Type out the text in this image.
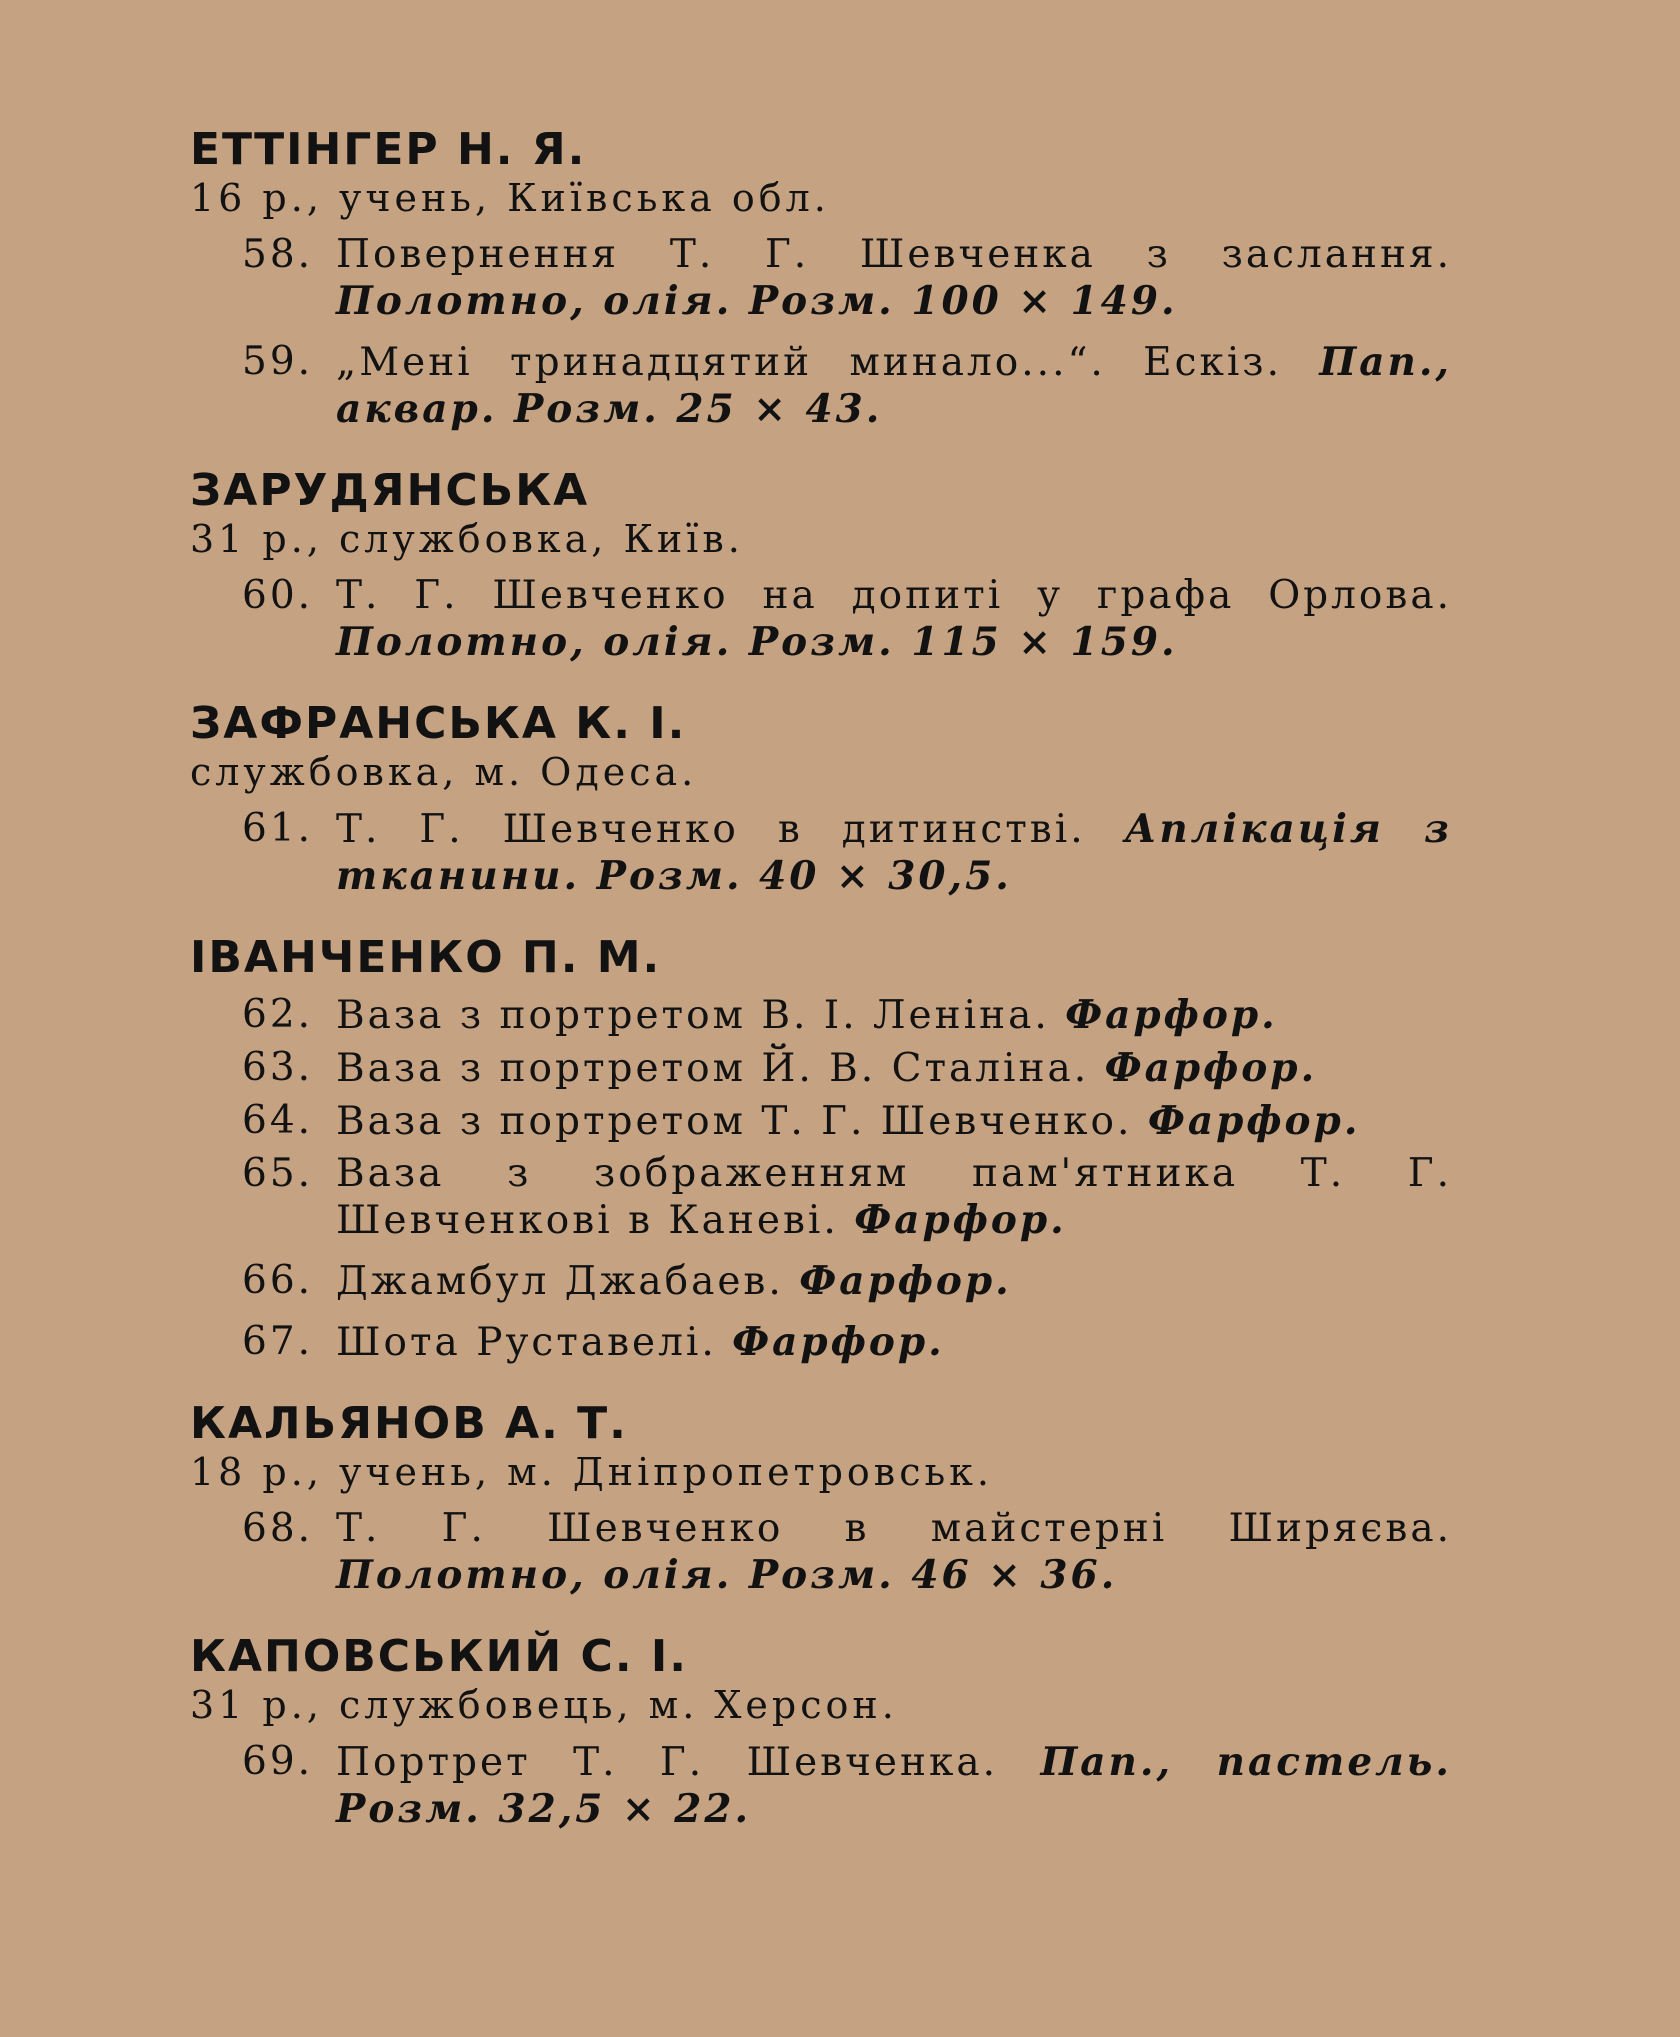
ЕТТІНГЕР Н. Я.
16 р., учень, Київська обл.
58. Повернення Т. Г. Шевченка з заслання. Полотно, олія. Розм. 100 × 149.
59. „Мені тринадцятий минало...“. Ескіз. Пап., аквар. Розм. 25 × 43.
ЗАРУДЯНСЬКА
31 р., службовка, Київ.
60. Т. Г. Шевченко на допиті у графа Орлова. Полотно, олія. Розм. 115 × 159.
ЗАФРАНСЬКА К. І.
службовка, м. Одеса.
61. Т. Г. Шевченко в дитинстві. Аплікація з тканини. Розм. 40 × 30,5.
ІВАНЧЕНКО П. М.
62. Ваза з портретом В. І. Леніна. Фарфор.
63. Ваза з портретом Й. В. Сталіна. Фарфор.
64. Ваза з портретом Т. Г. Шевченко. Фарфор.
65. Ваза з зображенням пам'ятника Т. Г. Шевченкові в Каневі. Фарфор.
66. Джамбул Джабаев. Фарфор.
67. Шота Руставелі. Фарфор.
КАЛЬЯНОВ А. Т.
18 р., учень, м. Дніпропетровськ.
68. Т. Г. Шевченко в майстерні Ширяєва. Полотно, олія. Розм. 46 × 36.
КАПОВСЬКИЙ С. І.
31 р., службовець, м. Херсон.
69. Портрет Т. Г. Шевченка. Пап., пастель. Розм. 32,5 × 22.
